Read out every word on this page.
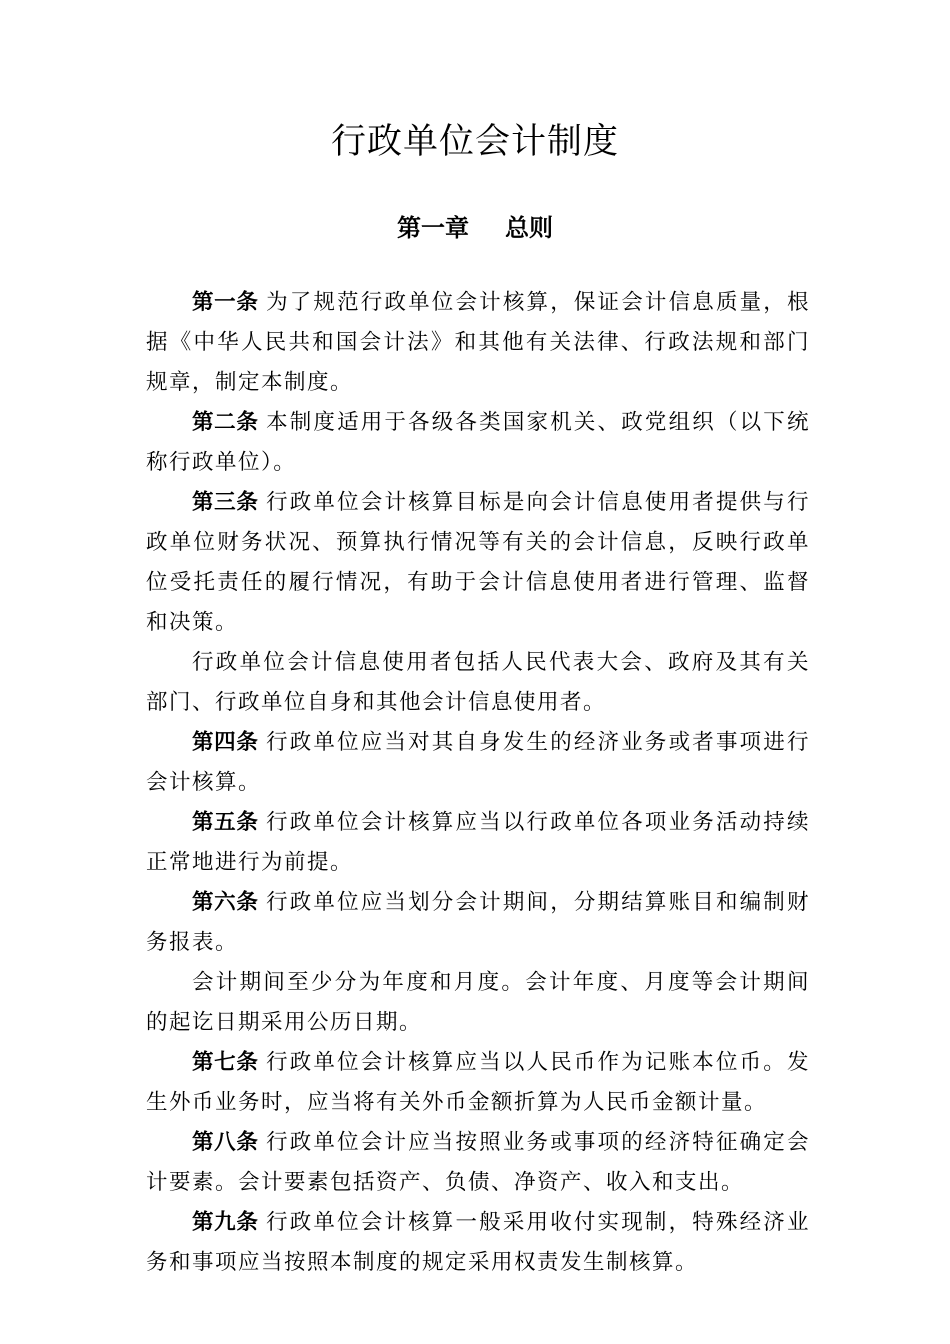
行政单位会计制度
第一章 总则

第一条 为了规范行政单位会计核算，保证会计信息质量，根据《中华人民共和国会计法》和其他有关法律、行政法规和部门规章，制定本制度。

第二条 本制度适用于各级各类国家机关、政党组织（以下统称行政单位）。

第三条 行政单位会计核算目标是向会计信息使用者提供与行政单位财务状况、预算执行情况等有关的会计信息，反映行政单位受托责任的履行情况，有助于会计信息使用者进行管理、监督和决策。

行政单位会计信息使用者包括人民代表大会、政府及其有关部门、行政单位自身和其他会计信息使用者。

第四条 行政单位应当对其自身发生的经济业务或者事项进行会计核算。

第五条 行政单位会计核算应当以行政单位各项业务活动持续正常地进行为前提。

第六条 行政单位应当划分会计期间，分期结算账目和编制财务报表。

会计期间至少分为年度和月度。会计年度、月度等会计期间的起讫日期采用公历日期。

第七条 行政单位会计核算应当以人民币作为记账本位币。发生外币业务时，应当将有关外币金额折算为人民币金额计量。

第八条 行政单位会计应当按照业务或事项的经济特征确定会计要素。会计要素包括资产、负债、净资产、收入和支出。

第九条 行政单位会计核算一般采用收付实现制，特殊经济业务和事项应当按照本制度的规定采用权责发生制核算。
